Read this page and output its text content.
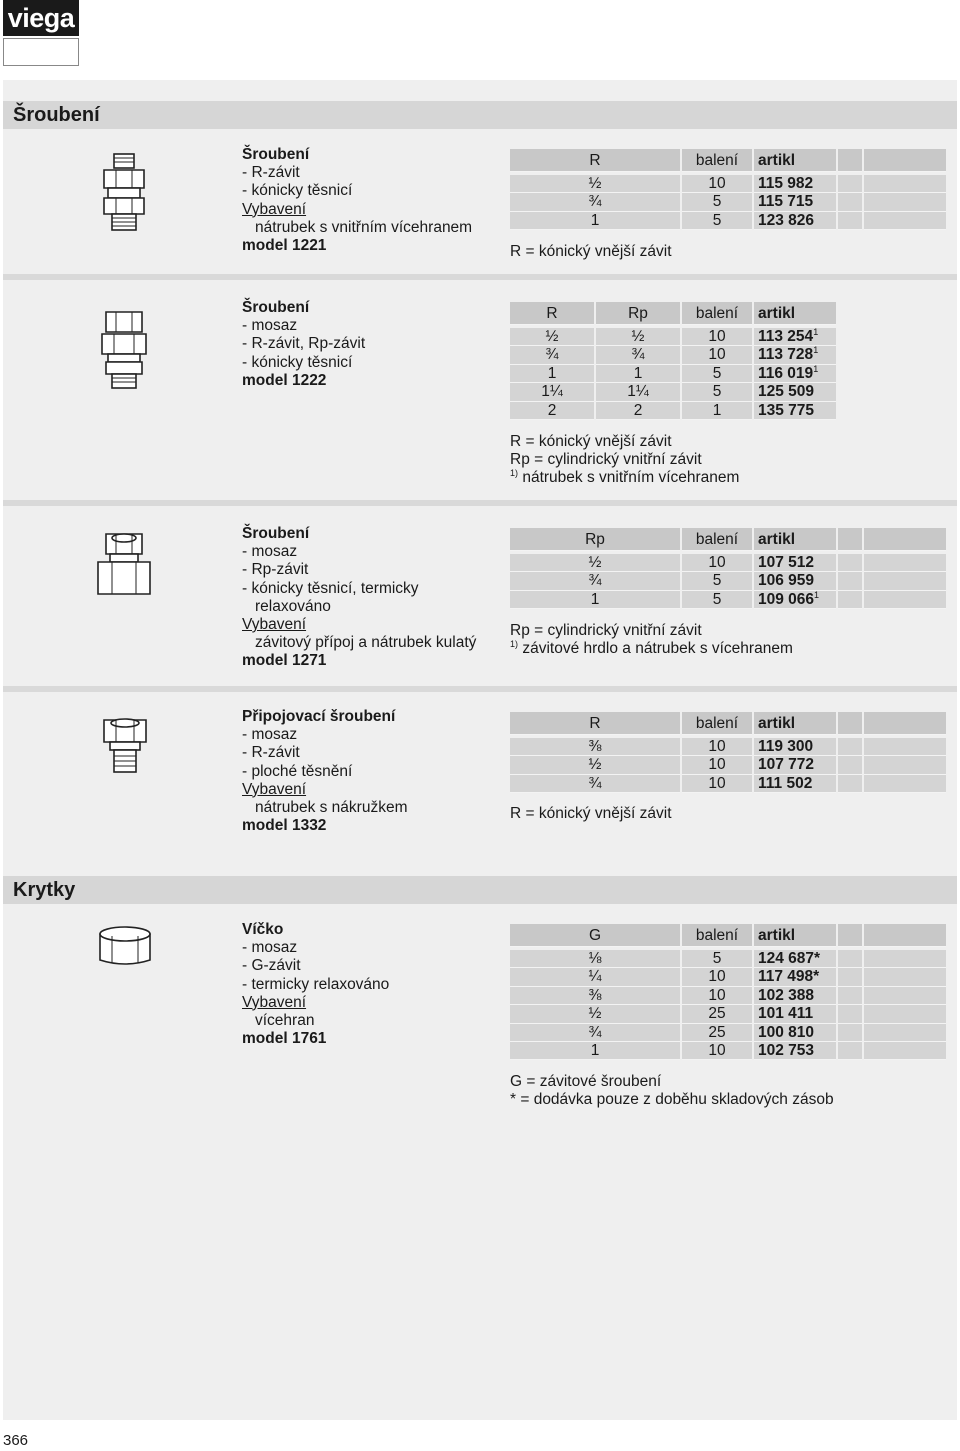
viega
Šroubení
Krytky
Šroubení
- R-závit
- kónicky těsnicí
Vybavení
nátrubek s vnitřním vícehranem
model 1221
R	balení	artikl
½	10	115 982
¾	5	115 715
1	5	123 826
R = kónický vnější závit
Šroubení
- mosaz
- R-závit, Rp-závit
- kónicky těsnicí
model 1222
R	Rp	balení	artikl
½	½	10	113 $254^1$
¾	¾	10	113 $728^1$
1	1	5	116 $019^1$
1¼	1¼	5	125 509
2	2	1	135 775
R = kónický vnější závit
Rp = cylindrický vnitřní závit
$^{1)}$ nátrubek s vnitřním vícehranem
Šroubení
- mosaz
- Rp-závit
- kónicky těsnicí, termicky
relaxováno
Vybavení
závitový přípoj a nátrubek kulatý
model 1271
Rp	balení	artikl
½	10	107 512
¾	5	106 959
1	5	109 $066^1$
Rp = cylindrický vnitřní závit
$^{1)}$ závitové hrdlo a nátrubek s vícehranem
Připojovací šroubení
- mosaz
- R-závit
- ploché těsnění
Vybavení
nátrubek s nákružkem
model 1332
R	balení	artikl
⅜	10	119 300
½	10	107 772
¾	10	111 502
R = kónický vnější závit
Víčko
- mosaz
- G-závit
- termicky relaxováno
Vybavení
vícehran
model 1761
G	balení	artikl
⅛	5	124 687*
¼	10	117 498*
⅜	10	102 388
½	25	101 411
¾	25	100 810
1	10	102 753
G = závitové šroubení
* = dodávka pouze z doběhu skladových zásob
366
